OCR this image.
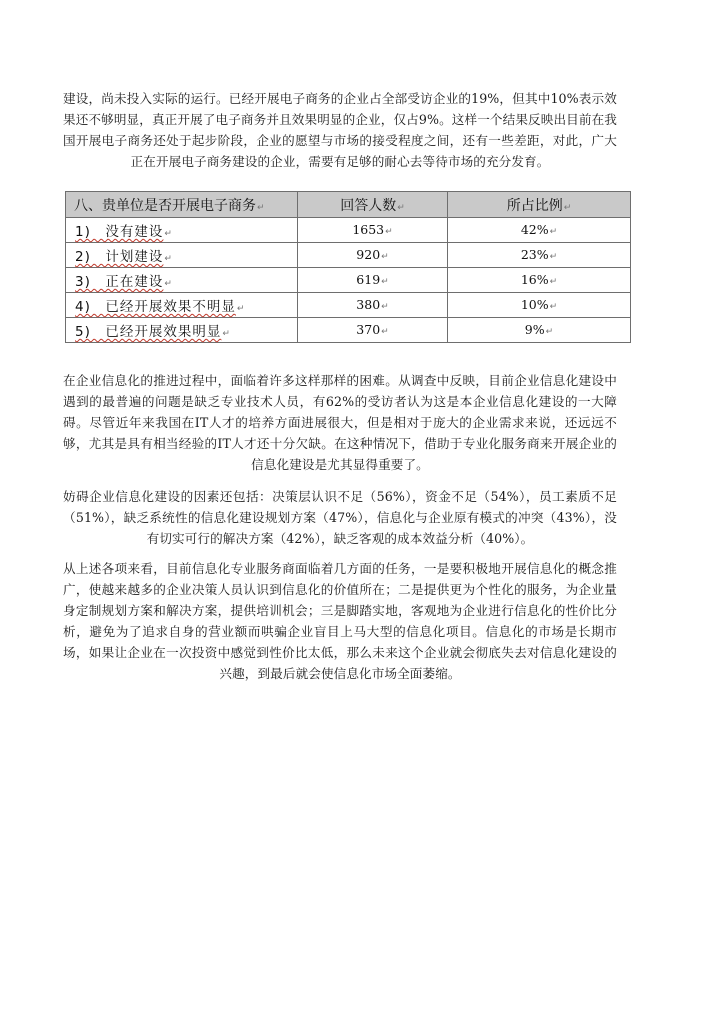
建设，尚未投入实际的运行。已经开展电子商务的企业占全部受访企业的19%，但其中10%表示效果还不够明显，真正开展了电子商务并且效果明显的企业，仅占9%。这样一个结果反映出目前在我国开展电子商务还处于起步阶段，企业的愿望与市场的接受程度之间，还有一些差距，对此，广大正在开展电子商务建设的企业，需要有足够的耐心去等待市场的充分发育。

八、贵单位是否开展电子商务↵	回答人数↵	所占比例↵
1)　没有建设↵	1653↵	42%↵
2)　计划建设↵	920↵	23%↵
3)　正在建设↵	619↵	16%↵
4)　已经开展效果不明显↵	380↵	10%↵
5)　已经开展效果明显↵	370↵	9%↵

在企业信息化的推进过程中，面临着许多这样那样的困难。从调查中反映，目前企业信息化建设中遇到的最普遍的问题是缺乏专业技术人员，有62%的受访者认为这是本企业信息化建设的一大障碍。尽管近年来我国在IT人才的培养方面进展很大，但是相对于庞大的企业需求来说，还远远不够，尤其是具有相当经验的IT人才还十分欠缺。在这种情况下，借助于专业化服务商来开展企业的信息化建设是尤其显得重要了。

妨碍企业信息化建设的因素还包括：决策层认识不足（56%），资金不足（54%），员工素质不足（51%），缺乏系统性的信息化建设规划方案（47%），信息化与企业原有模式的冲突（43%），没有切实可行的解决方案（42%），缺乏客观的成本效益分析（40%）。

从上述各项来看，目前信息化专业服务商面临着几方面的任务，一是要积极地开展信息化的概念推广，使越来越多的企业决策人员认识到信息化的价值所在；二是提供更为个性化的服务，为企业量身定制规划方案和解决方案，提供培训机会；三是脚踏实地，客观地为企业进行信息化的性价比分析，避免为了追求自身的营业额而哄骗企业盲目上马大型的信息化项目。信息化的市场是长期市场，如果让企业在一次投资中感觉到性价比太低，那么未来这个企业就会彻底失去对信息化建设的兴趣，到最后就会使信息化市场全面萎缩。
